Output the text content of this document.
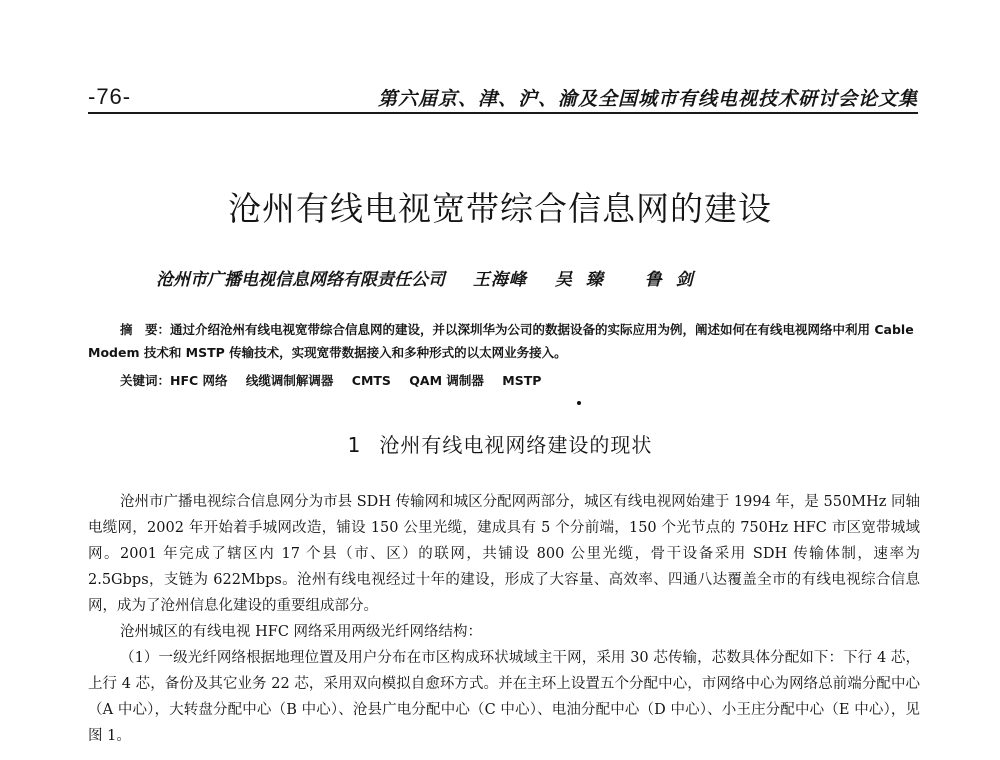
-76-	第六届京、津、沪、渝及全国城市有线电视技术研讨会论文集
沧州有线电视宽带综合信息网的建设
沧州市广播电视信息网络有限责任公司 王海峰 吴臻 鲁剑

摘　要：通过介绍沧州有线电视宽带综合信息网的建设，并以深圳华为公司的数据设备的实际应用为例，阐述如何在有线电视网络中利用 Cable Modem 技术和 MSTP 传输技术，实现宽带数据接入和多种形式的以太网业务接入。

关键词：HFC 网络 线缆调制解调器 CMTS QAM 调制器 MSTP
1 沧州有线电视网络建设的现状

沧州市广播电视综合信息网分为市县 SDH 传输网和城区分配网两部分，城区有线电视网始建于 1994 年，是 550MHz 同轴电缆网，2002 年开始着手城网改造，铺设 150 公里光缆，建成具有 5 个分前端，150 个光节点的 750Hz HFC 市区宽带城域网。2001 年完成了辖区内 17 个县（市、区）的联网，共铺设 800 公里光缆，骨干设备采用 SDH 传输体制，速率为 2.5Gbps，支链为 622Mbps。沧州有线电视经过十年的建设，形成了大容量、高效率、四通八达覆盖全市的有线电视综合信息网，成为了沧州信息化建设的重要组成部分。

沧州城区的有线电视 HFC 网络采用两级光纤网络结构：

（1）一级光纤网络根据地理位置及用户分布在市区构成环状城域主干网，采用 30 芯传输，芯数具体分配如下：下行 4 芯，上行 4 芯，备份及其它业务 22 芯，采用双向模拟自愈环方式。并在主环上设置五个分配中心，市网络中心为网络总前端分配中心（A 中心），大转盘分配中心（B 中心）、沧县广电分配中心（C 中心）、电油分配中心（D 中心）、小王庄分配中心（E 中心），见图 1。
